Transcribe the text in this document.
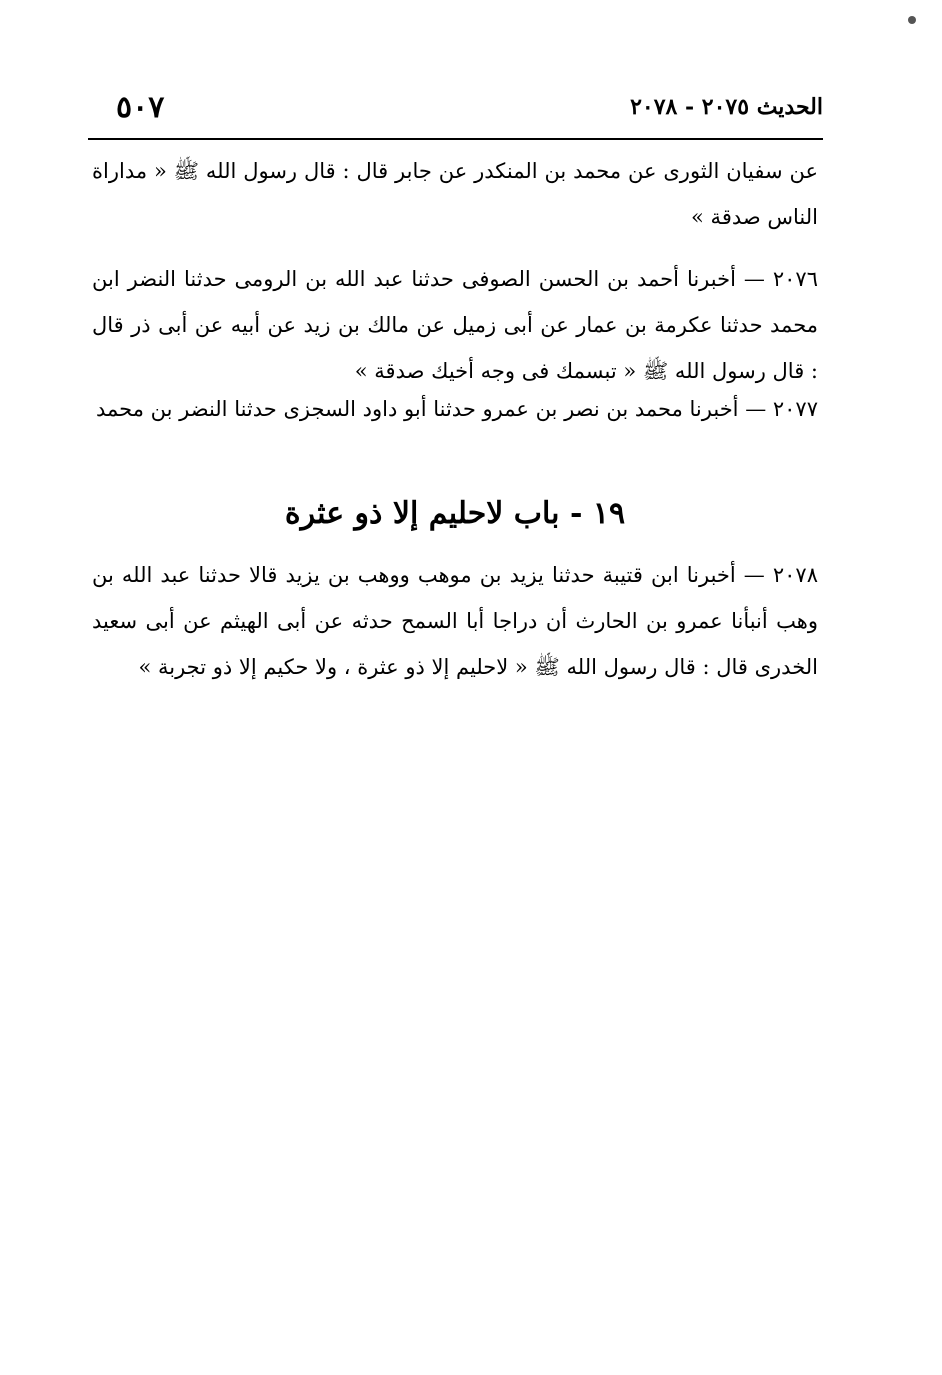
الحديث ٢٠٧٥ - ٢٠٧٨
٥٠٧

عن سفيان الثورى عن محمد بن المنكدر عن جابر قال : قال رسول الله ﷺ « مداراة الناس صدقة »

٢٠٧٦ — أخبرنا أحمد بن الحسن الصوفى حدثنا عبد الله بن الرومى حدثنا النضر ابن محمد حدثنا عكرمة بن عمار عن أبى زميل عن مالك بن زيد عن أبيه عن أبى ذر قال : قال رسول الله ﷺ « تبسمك فى وجه أخيك صدقة »

٢٠٧٧ — أخبرنا محمد بن نصر بن عمرو حدثنا أبو داود السجزى حدثنا النضر بن محمد

١٩ - باب لاحليم إلا ذو عثرة

٢٠٧٨ — أخبرنا ابن قتيبة حدثنا يزيد بن موهب ووهب بن يزيد قالا حدثنا عبد الله بن وهب أنبأنا عمرو بن الحارث أن دراجا أبا السمح حدثه عن أبى الهيثم عن أبى سعيد الخدرى قال : قال رسول الله ﷺ « لاحليم إلا ذو عثرة ، ولا حكيم إلا ذو تجربة »
